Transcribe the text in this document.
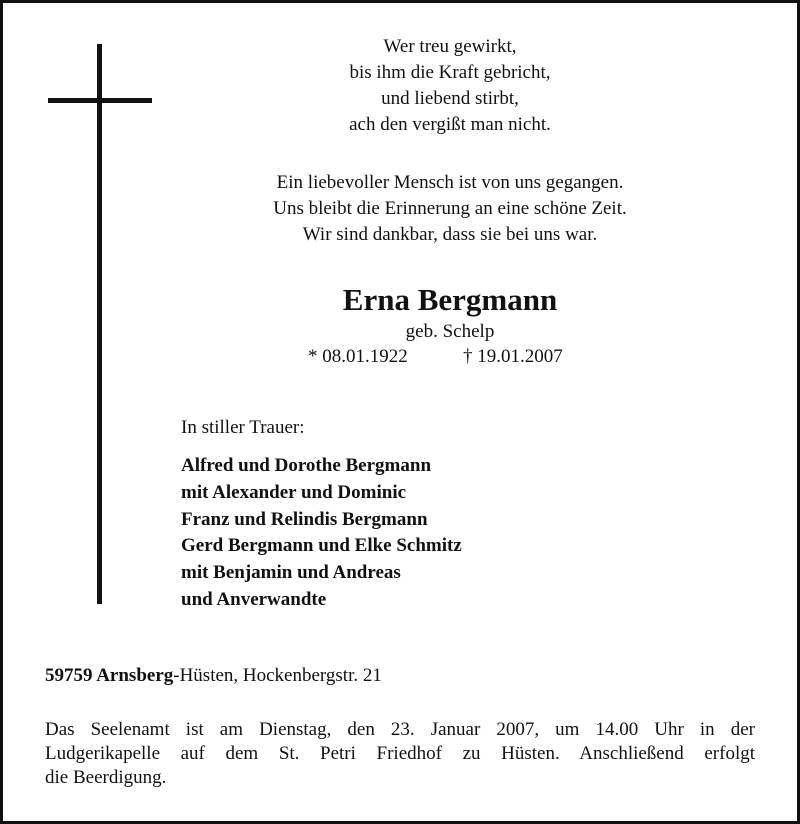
Wer treu gewirkt,
bis ihm die Kraft gebricht,
und liebend stirbt,
ach den vergißt man nicht.
Ein liebevoller Mensch ist von uns gegangen.
Uns bleibt die Erinnerung an eine schöne Zeit.
Wir sind dankbar, dass sie bei uns war.
Erna Bergmann
geb. Schelp
* 08.01.1922	† 19.01.2007
In stiller Trauer:
Alfred und Dorothe Bergmann
mit Alexander und Dominic
Franz und Relindis Bergmann
Gerd Bergmann und Elke Schmitz
mit Benjamin und Andreas
und Anverwandte
59759 Arnsberg-Hüsten, Hockenbergstr. 21
Das Seelenamt ist am Dienstag, den 23. Januar 2007, um 14.00 Uhr in der
Ludgerikapelle auf dem St. Petri Friedhof zu Hüsten. Anschließend erfolgt
die Beerdigung.
